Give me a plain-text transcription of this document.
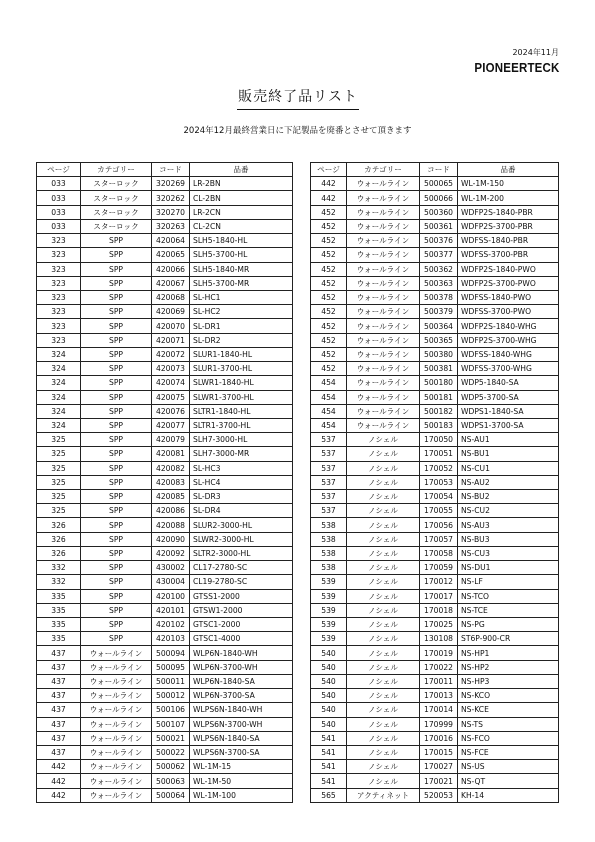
2024年11月
PIONEERTECK
販売終了品リスト
2024年12月最終営業日に下記製品を廃番とさせて頂きます
ページ	カテゴリー	コード	品番
033	スターロック	320269	LR-2BN
033	スターロック	320262	CL-2BN
033	スターロック	320270	LR-2CN
033	スターロック	320263	CL-2CN
323	SPP	420064	SLH5-1840-HL
323	SPP	420065	SLH5-3700-HL
323	SPP	420066	SLH5-1840-MR
323	SPP	420067	SLH5-3700-MR
323	SPP	420068	SL-HC1
323	SPP	420069	SL-HC2
323	SPP	420070	SL-DR1
323	SPP	420071	SL-DR2
324	SPP	420072	SLUR1-1840-HL
324	SPP	420073	SLUR1-3700-HL
324	SPP	420074	SLWR1-1840-HL
324	SPP	420075	SLWR1-3700-HL
324	SPP	420076	SLTR1-1840-HL
324	SPP	420077	SLTR1-3700-HL
325	SPP	420079	SLH7-3000-HL
325	SPP	420081	SLH7-3000-MR
325	SPP	420082	SL-HC3
325	SPP	420083	SL-HC4
325	SPP	420085	SL-DR3
325	SPP	420086	SL-DR4
326	SPP	420088	SLUR2-3000-HL
326	SPP	420090	SLWR2-3000-HL
326	SPP	420092	SLTR2-3000-HL
332	SPP	430002	CL17-2780-SC
332	SPP	430004	CL19-2780-SC
335	SPP	420100	GTSS1-2000
335	SPP	420101	GTSW1-2000
335	SPP	420102	GTSC1-2000
335	SPP	420103	GTSC1-4000
437	ウォールライン	500094	WLP6N-1840-WH
437	ウォールライン	500095	WLP6N-3700-WH
437	ウォールライン	500011	WLP6N-1840-SA
437	ウォールライン	500012	WLP6N-3700-SA
437	ウォールライン	500106	WLPS6N-1840-WH
437	ウォールライン	500107	WLPS6N-3700-WH
437	ウォールライン	500021	WLPS6N-1840-SA
437	ウォールライン	500022	WLPS6N-3700-SA
442	ウォールライン	500062	WL-1M-15
442	ウォールライン	500063	WL-1M-50
442	ウォールライン	500064	WL-1M-100
ページ	カテゴリー	コード	品番
442	ウォールライン	500065	WL-1M-150
442	ウォールライン	500066	WL-1M-200
452	ウォールライン	500360	WDFP2S-1840-PBR
452	ウォールライン	500361	WDFP2S-3700-PBR
452	ウォールライン	500376	WDFSS-1840-PBR
452	ウォールライン	500377	WDFSS-3700-PBR
452	ウォールライン	500362	WDFP2S-1840-PWO
452	ウォールライン	500363	WDFP2S-3700-PWO
452	ウォールライン	500378	WDFSS-1840-PWO
452	ウォールライン	500379	WDFSS-3700-PWO
452	ウォールライン	500364	WDFP2S-1840-WHG
452	ウォールライン	500365	WDFP2S-3700-WHG
452	ウォールライン	500380	WDFSS-1840-WHG
452	ウォールライン	500381	WDFSS-3700-WHG
454	ウォールライン	500180	WDP5-1840-SA
454	ウォールライン	500181	WDP5-3700-SA
454	ウォールライン	500182	WDPS1-1840-SA
454	ウォールライン	500183	WDPS1-3700-SA
537	ノシェル	170050	NS-AU1
537	ノシェル	170051	NS-BU1
537	ノシェル	170052	NS-CU1
537	ノシェル	170053	NS-AU2
537	ノシェル	170054	NS-BU2
537	ノシェル	170055	NS-CU2
538	ノシェル	170056	NS-AU3
538	ノシェル	170057	NS-BU3
538	ノシェル	170058	NS-CU3
538	ノシェル	170059	NS-DU1
539	ノシェル	170012	NS-LF
539	ノシェル	170017	NS-TCO
539	ノシェル	170018	NS-TCE
539	ノシェル	170025	NS-PG
539	ノシェル	130108	ST6P-900-CR
540	ノシェル	170019	NS-HP1
540	ノシェル	170022	NS-HP2
540	ノシェル	170011	NS-HP3
540	ノシェル	170013	NS-KCO
540	ノシェル	170014	NS-KCE
540	ノシェル	170999	NS-TS
541	ノシェル	170016	NS-FCO
541	ノシェル	170015	NS-FCE
541	ノシェル	170027	NS-US
541	ノシェル	170021	NS-QT
565	アクティネット	520053	KH-14
